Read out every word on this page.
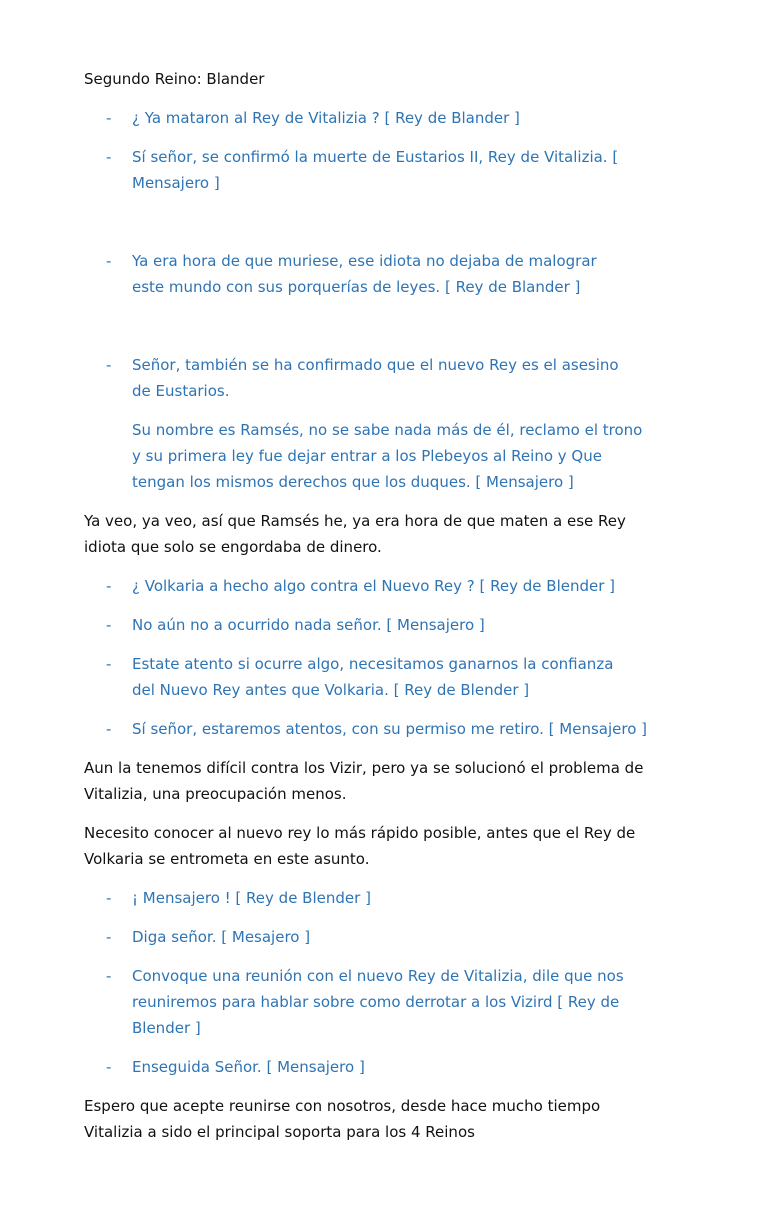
Segundo Reino: Blander

- ¿ Ya mataron al Rey de Vitalizia ? [ Rey de Blander ]
- Sí señor, se confirmó la muerte de Eustarios II, Rey de Vitalizia. [ Mensajero ]
- Ya era hora de que muriese, ese idiota no dejaba de malograr este mundo con sus porquerías de leyes. [ Rey de Blander ]
- Señor, también se ha confirmado que el nuevo Rey es el asesino de Eustarios.

Su nombre es Ramsés, no se sabe nada más de él, reclamo el trono y su primera ley fue dejar entrar a los Plebeyos al Reino y Que tengan los mismos derechos que los duques. [ Mensajero ]

Ya veo, ya veo, así que Ramsés he, ya era hora de que maten a ese Rey idiota que solo se engordaba de dinero.

- ¿ Volkaria a hecho algo contra el Nuevo Rey ? [ Rey de Blender ]
- No aún no a ocurrido nada señor. [ Mensajero ]
- Estate atento si ocurre algo, necesitamos ganarnos la confianza del Nuevo Rey antes que Volkaria. [ Rey de Blender ]
- Sí señor, estaremos atentos, con su permiso me retiro. [ Mensajero ]

Aun la tenemos difícil contra los Vizir, pero ya se solucionó el problema de Vitalizia, una preocupación menos.

Necesito conocer al nuevo rey lo más rápido posible, antes que el Rey de Volkaria se entrometa en este asunto.

- ¡ Mensajero ! [ Rey de Blender ]
- Diga señor. [ Mesajero ]
- Convoque una reunión con el nuevo Rey de Vitalizia, dile que nos reuniremos para hablar sobre como derrotar a los Vizird [ Rey de Blender ]
- Enseguida Señor. [ Mensajero ]

Espero que acepte reunirse con nosotros, desde hace mucho tiempo Vitalizia a sido el principal soporta para los 4 Reinos
